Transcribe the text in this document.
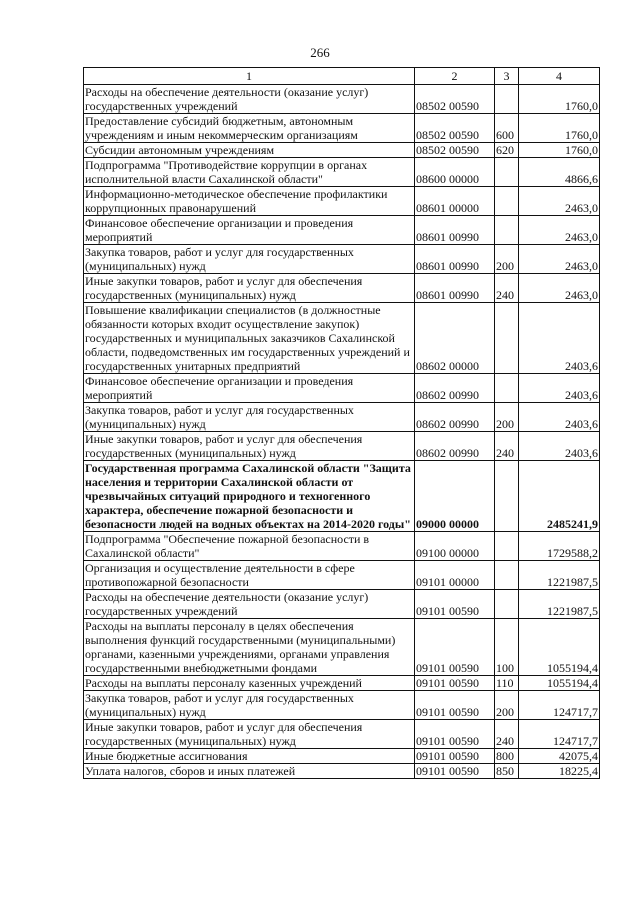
266
1	2	3	4
Расходы на обеспечение деятельности (оказание услуг) государственных учреждений	08502 00590		1760,0
Предоставление субсидий бюджетным, автономным учреждениям и иным некоммерческим организациям	08502 00590	600	1760,0
Субсидии автономным учреждениям	08502 00590	620	1760,0
Подпрограмма "Противодействие коррупции в органах исполнительной власти Сахалинской области"	08600 00000		4866,6
Информационно-методическое обеспечение профилактики коррупционных правонарушений	08601 00000		2463,0
Финансовое обеспечение организации и проведения мероприятий	08601 00990		2463,0
Закупка товаров, работ и услуг для государственных (муниципальных) нужд	08601 00990	200	2463,0
Иные закупки товаров, работ и услуг для обеспечения государственных (муниципальных) нужд	08601 00990	240	2463,0
Повышение квалификации специалистов (в должностные обязанности которых входит осуществление закупок) государственных и муниципальных заказчиков Сахалинской области, подведомственных им государственных учреждений и государственных унитарных предприятий	08602 00000		2403,6
Финансовое обеспечение организации и проведения мероприятий	08602 00990		2403,6
Закупка товаров, работ и услуг для государственных (муниципальных) нужд	08602 00990	200	2403,6
Иные закупки товаров, работ и услуг для обеспечения государственных (муниципальных) нужд	08602 00990	240	2403,6
Государственная программа Сахалинской области "Защита населения и территории Сахалинской области от чрезвычайных ситуаций природного и техногенного характера, обеспечение пожарной безопасности и безопасности людей на водных объектах на 2014-2020 годы"	09000 00000		2485241,9
Подпрограмма "Обеспечение пожарной безопасности в Сахалинской области"	09100 00000		1729588,2
Организация и осуществление деятельности в сфере противопожарной безопасности	09101 00000		1221987,5
Расходы на обеспечение деятельности (оказание услуг) государственных учреждений	09101 00590		1221987,5
Расходы на выплаты персоналу в целях обеспечения выполнения функций государственными (муниципальными) органами, казенными учреждениями, органами управления государственными внебюджетными фондами	09101 00590	100	1055194,4
Расходы на выплаты персоналу казенных учреждений	09101 00590	110	1055194,4
Закупка товаров, работ и услуг для государственных (муниципальных) нужд	09101 00590	200	124717,7
Иные закупки товаров, работ и услуг для обеспечения государственных (муниципальных) нужд	09101 00590	240	124717,7
Иные бюджетные ассигнования	09101 00590	800	42075,4
Уплата налогов, сборов и иных платежей	09101 00590	850	18225,4
